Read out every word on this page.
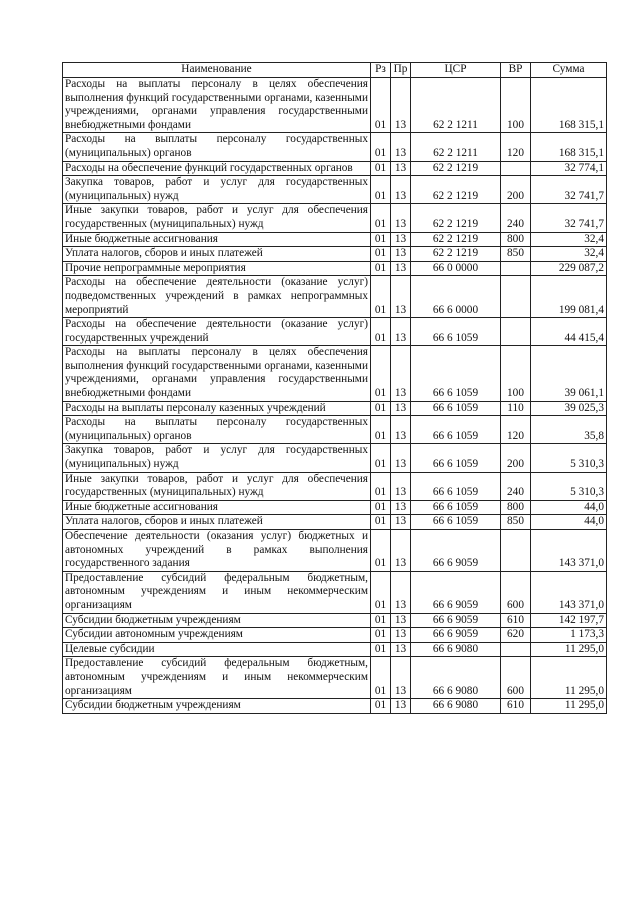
Наименование	Рз	Пр	ЦСР	ВР	Сумма
Расходы на выплаты персоналу в целях обеспечения выполнения функций государственными органами, казенными учреждениями, органами управления государственными внебюджетными фондами	01	13	62 2 1211	100	168 315,1
Расходы на выплаты персоналу государственных (муниципальных) органов	01	13	62 2 1211	120	168 315,1
Расходы на обеспечение функций государственных органов	01	13	62 2 1219		32 774,1
Закупка товаров, работ и услуг для государственных (муниципальных) нужд	01	13	62 2 1219	200	32 741,7
Иные закупки товаров, работ и услуг для обеспечения государственных (муниципальных) нужд	01	13	62 2 1219	240	32 741,7
Иные бюджетные ассигнования	01	13	62 2 1219	800	32,4
Уплата налогов, сборов и иных платежей	01	13	62 2 1219	850	32,4
Прочие непрограммные мероприятия	01	13	66 0 0000		229 087,2
Расходы на обеспечение деятельности (оказание услуг) подведомственных учреждений в рамках непрограммных мероприятий	01	13	66 6 0000		199 081,4
Расходы на обеспечение деятельности (оказание услуг) государственных учреждений	01	13	66 6 1059		44 415,4
Расходы на выплаты персоналу в целях обеспечения выполнения функций государственными органами, казенными учреждениями, органами управления государственными внебюджетными фондами	01	13	66 6 1059	100	39 061,1
Расходы на выплаты персоналу казенных учреждений	01	13	66 6 1059	110	39 025,3
Расходы на выплаты персоналу государственных (муниципальных) органов	01	13	66 6 1059	120	35,8
Закупка товаров, работ и услуг для государственных (муниципальных) нужд	01	13	66 6 1059	200	5 310,3
Иные закупки товаров, работ и услуг для обеспечения государственных (муниципальных) нужд	01	13	66 6 1059	240	5 310,3
Иные бюджетные ассигнования	01	13	66 6 1059	800	44,0
Уплата налогов, сборов и иных платежей	01	13	66 6 1059	850	44,0
Обеспечение деятельности (оказания услуг) бюджетных и автономных учреждений в рамках выполнения государственного задания	01	13	66 6 9059		143 371,0
Предоставление субсидий федеральным бюджетным, автономным учреждениям и иным некоммерческим организациям	01	13	66 6 9059	600	143 371,0
Субсидии бюджетным учреждениям	01	13	66 6 9059	610	142 197,7
Субсидии автономным учреждениям	01	13	66 6 9059	620	1 173,3
Целевые субсидии	01	13	66 6 9080		11 295,0
Предоставление субсидий федеральным бюджетным, автономным учреждениям и иным некоммерческим организациям	01	13	66 6 9080	600	11 295,0
Субсидии бюджетным учреждениям	01	13	66 6 9080	610	11 295,0
